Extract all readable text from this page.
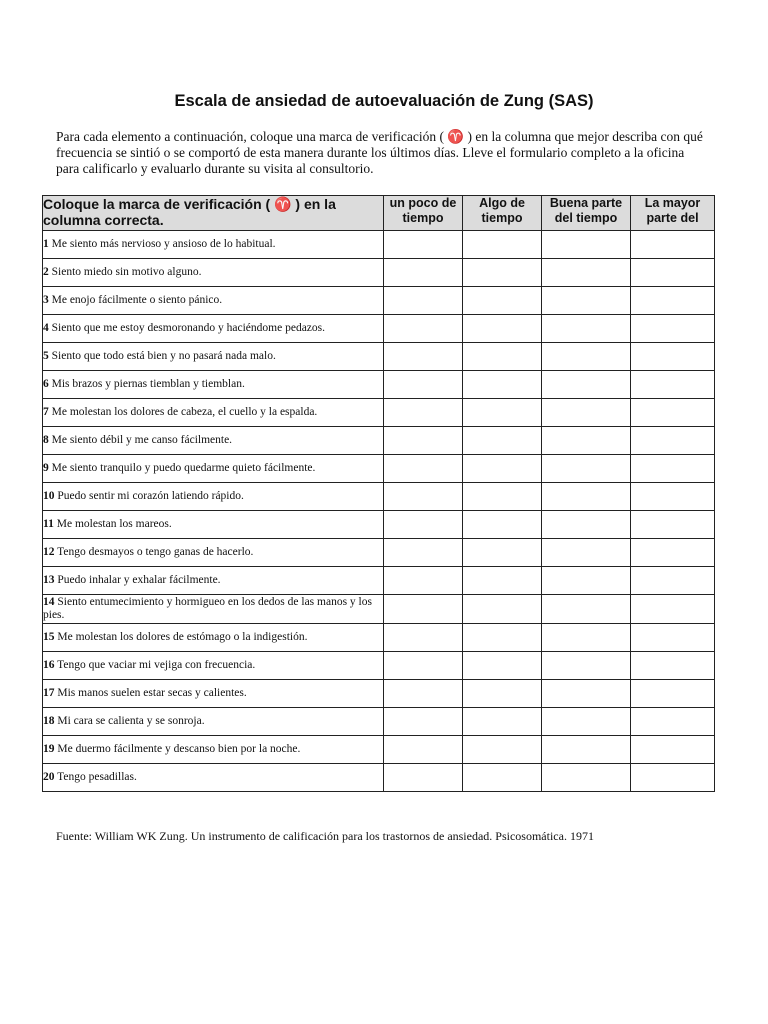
Escala de ansiedad de autoevaluación de Zung (SAS)
Para cada elemento a continuación, coloque una marca de verificación ( ♈ ) en la columna que mejor describa con qué frecuencia se sintió o se comportó de esta manera durante los últimos días. Lleve el formulario completo a la oficina para calificarlo y evaluarlo durante su visita al consultorio.
Coloque la marca de verificación ( ♈ ) en la columna correcta.	un poco de tiempo	Algo de tiempo	Buena parte del tiempo	La mayor parte del
1 Me siento más nervioso y ansioso de lo habitual.				
2 Siento miedo sin motivo alguno.				
3 Me enojo fácilmente o siento pánico.				
4 Siento que me estoy desmoronando y haciéndome pedazos.				
5 Siento que todo está bien y no pasará nada malo.				
6 Mis brazos y piernas tiemblan y tiemblan.				
7 Me molestan los dolores de cabeza, el cuello y la espalda.				
8 Me siento débil y me canso fácilmente.				
9 Me siento tranquilo y puedo quedarme quieto fácilmente.				
10 Puedo sentir mi corazón latiendo rápido.				
11 Me molestan los mareos.				
12 Tengo desmayos o tengo ganas de hacerlo.				
13 Puedo inhalar y exhalar fácilmente.				
14 Siento entumecimiento y hormigueo en los dedos de las manos y los pies.				
15 Me molestan los dolores de estómago o la indigestión.				
16 Tengo que vaciar mi vejiga con frecuencia.				
17 Mis manos suelen estar secas y calientes.				
18 Mi cara se calienta y se sonroja.				
19 Me duermo fácilmente y descanso bien por la noche.				
20 Tengo pesadillas.				
Fuente: William WK Zung. Un instrumento de calificación para los trastornos de ansiedad. Psicosomática. 1971
